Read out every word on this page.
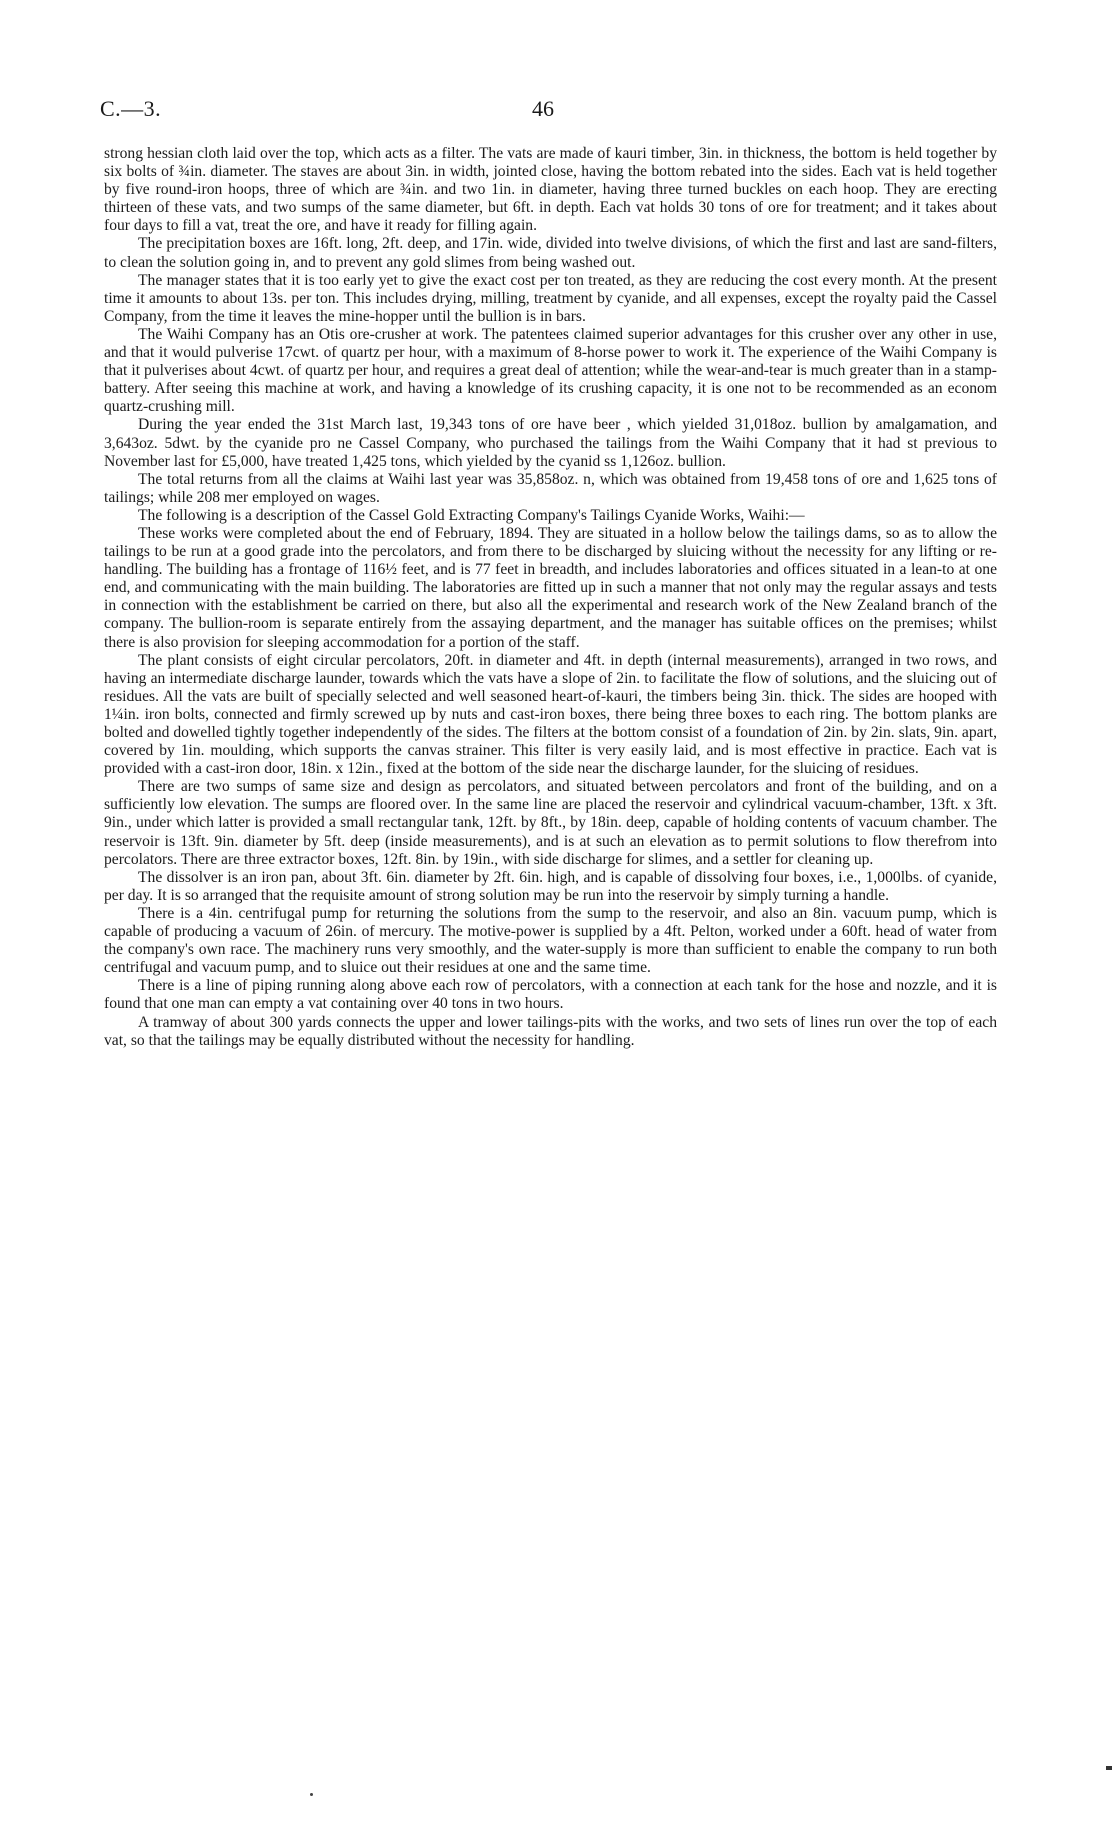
C.—3.	46

strong hessian cloth laid over the top, which acts as a filter. The vats are made of kauri timber, 3in. in thickness, the bottom is held together by six bolts of ¾in. diameter. The staves are about 3in. in width, jointed close, having the bottom rebated into the sides. Each vat is held together by five round-iron hoops, three of which are ¾in. and two 1in. in diameter, having three turned buckles on each hoop. They are erecting thirteen of these vats, and two sumps of the same diameter, but 6ft. in depth. Each vat holds 30 tons of ore for treatment; and it takes about four days to fill a vat, treat the ore, and have it ready for filling again.

The precipitation boxes are 16ft. long, 2ft. deep, and 17in. wide, divided into twelve divisions, of which the first and last are sand-filters, to clean the solution going in, and to prevent any gold slimes from being washed out.

The manager states that it is too early yet to give the exact cost per ton treated, as they are reducing the cost every month. At the present time it amounts to about 13s. per ton. This includes drying, milling, treatment by cyanide, and all expenses, except the royalty paid the Cassel Company, from the time it leaves the mine-hopper until the bullion is in bars.

The Waihi Company has an Otis ore-crusher at work. The patentees claimed superior advantages for this crusher over any other in use, and that it would pulverise 17cwt. of quartz per hour, with a maximum of 8-horse power to work it. The experience of the Waihi Company is that it pulverises about 4cwt. of quartz per hour, and requires a great deal of attention; while the wear-and-tear is much greater than in a stamp-battery. After seeing this machine at work, and having a knowledge of its crushing capacity, it is one not to be recommended as an econom quartz-crushing mill.

During the year ended the 31st March last, 19,343 tons of ore have beer , which yielded 31,018oz. bullion by amalgamation, and 3,643oz. 5dwt. by the cyanide pro ne Cassel Company, who purchased the tailings from the Waihi Company that it had st previous to November last for £5,000, have treated 1,425 tons, which yielded by the cyanid ss 1,126oz. bullion.

The total returns from all the claims at Waihi last year was 35,858oz. n, which was obtained from 19,458 tons of ore and 1,625 tons of tailings; while 208 mer employed on wages.

The following is a description of the Cassel Gold Extracting Company's Tailings Cyanide Works, Waihi:—

These works were completed about the end of February, 1894. They are situated in a hollow below the tailings dams, so as to allow the tailings to be run at a good grade into the percolators, and from there to be discharged by sluicing without the necessity for any lifting or re-handling. The building has a frontage of 116½ feet, and is 77 feet in breadth, and includes laboratories and offices situated in a lean-to at one end, and communicating with the main building. The laboratories are fitted up in such a manner that not only may the regular assays and tests in connection with the establishment be carried on there, but also all the experimental and research work of the New Zealand branch of the company. The bullion-room is separate entirely from the assaying department, and the manager has suitable offices on the premises; whilst there is also provision for sleeping accommodation for a portion of the staff.

The plant consists of eight circular percolators, 20ft. in diameter and 4ft. in depth (internal measurements), arranged in two rows, and having an intermediate discharge launder, towards which the vats have a slope of 2in. to facilitate the flow of solutions, and the sluicing out of residues. All the vats are built of specially selected and well seasoned heart-of-kauri, the timbers being 3in. thick. The sides are hooped with 1¼in. iron bolts, connected and firmly screwed up by nuts and cast-iron boxes, there being three boxes to each ring. The bottom planks are bolted and dowelled tightly together independently of the sides. The filters at the bottom consist of a foundation of 2in. by 2in. slats, 9in. apart, covered by 1in. moulding, which supports the canvas strainer. This filter is very easily laid, and is most effective in practice. Each vat is provided with a cast-iron door, 18in. x 12in., fixed at the bottom of the side near the discharge launder, for the sluicing of residues.

There are two sumps of same size and design as percolators, and situated between percolators and front of the building, and on a sufficiently low elevation. The sumps are floored over. In the same line are placed the reservoir and cylindrical vacuum-chamber, 13ft. x 3ft. 9in., under which latter is provided a small rectangular tank, 12ft. by 8ft., by 18in. deep, capable of holding contents of vacuum chamber. The reservoir is 13ft. 9in. diameter by 5ft. deep (inside measurements), and is at such an elevation as to permit solutions to flow therefrom into percolators. There are three extractor boxes, 12ft. 8in. by 19in., with side discharge for slimes, and a settler for cleaning up.

The dissolver is an iron pan, about 3ft. 6in. diameter by 2ft. 6in. high, and is capable of dissolving four boxes, i.e., 1,000lbs. of cyanide, per day. It is so arranged that the requisite amount of strong solution may be run into the reservoir by simply turning a handle.

There is a 4in. centrifugal pump for returning the solutions from the sump to the reservoir, and also an 8in. vacuum pump, which is capable of producing a vacuum of 26in. of mercury. The motive-power is supplied by a 4ft. Pelton, worked under a 60ft. head of water from the company's own race. The machinery runs very smoothly, and the water-supply is more than sufficient to enable the company to run both centrifugal and vacuum pump, and to sluice out their residues at one and the same time.

There is a line of piping running along above each row of percolators, with a connection at each tank for the hose and nozzle, and it is found that one man can empty a vat containing over 40 tons in two hours.

A tramway of about 300 yards connects the upper and lower tailings-pits with the works, and two sets of lines run over the top of each vat, so that the tailings may be equally distributed without the necessity for handling.
